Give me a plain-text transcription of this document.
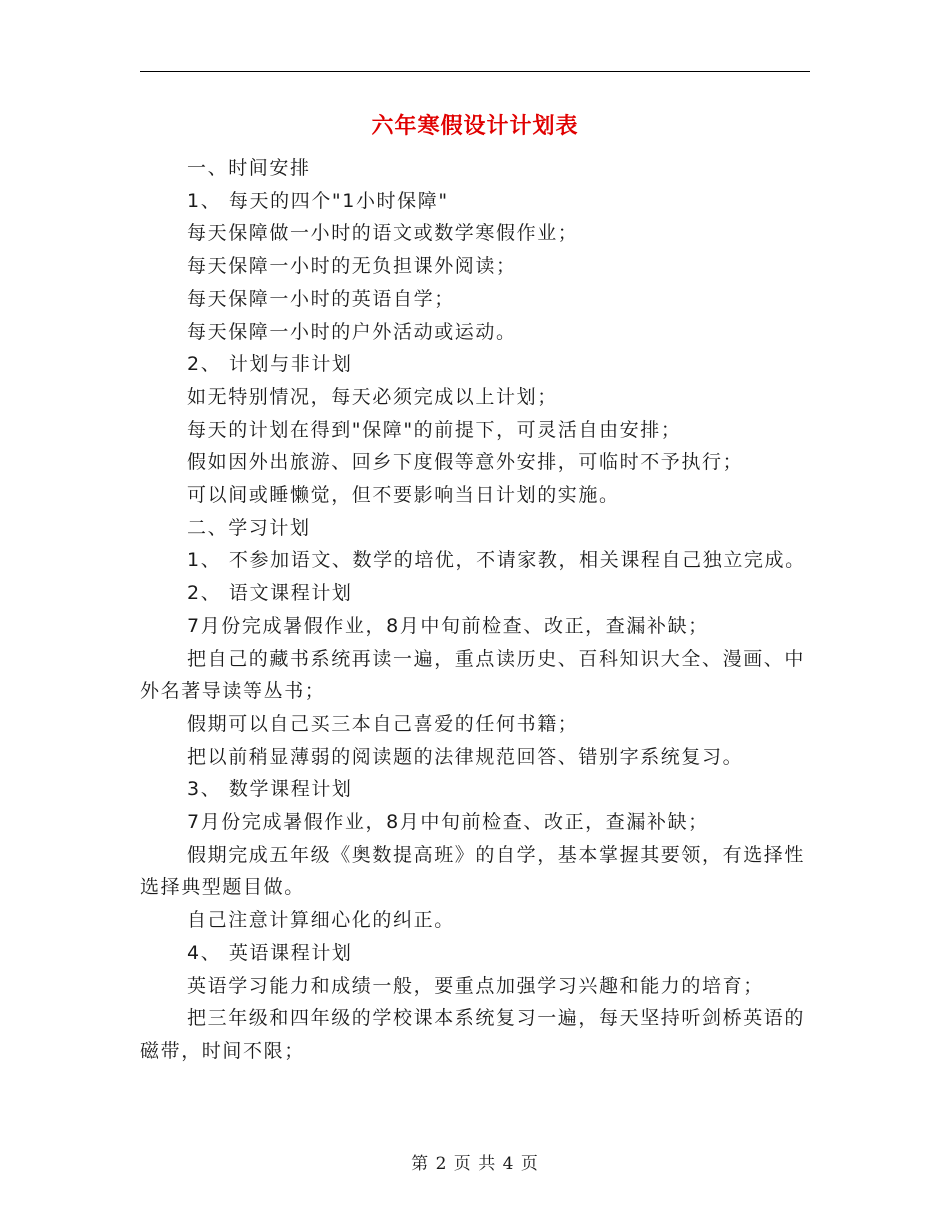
六年寒假设计计划表

一、时间安排

1、 每天的四个"1小时保障"

每天保障做一小时的语文或数学寒假作业；

每天保障一小时的无负担课外阅读；

每天保障一小时的英语自学；

每天保障一小时的户外活动或运动。

2、 计划与非计划

如无特别情况，每天必须完成以上计划；

每天的计划在得到"保障"的前提下，可灵活自由安排；

假如因外出旅游、回乡下度假等意外安排，可临时不予执行；

可以间或睡懒觉，但不要影响当日计划的实施。

二、学习计划

1、 不参加语文、数学的培优，不请家教，相关课程自己独立完成。

2、 语文课程计划

7月份完成暑假作业，8月中旬前检查、改正，查漏补缺；

把自己的藏书系统再读一遍，重点读历史、百科知识大全、漫画、中外名著导读等丛书；

假期可以自己买三本自己喜爱的任何书籍；

把以前稍显薄弱的阅读题的法律规范回答、错别字系统复习。

3、 数学课程计划

7月份完成暑假作业，8月中旬前检查、改正，查漏补缺；

假期完成五年级《奥数提高班》的自学，基本掌握其要领，有选择性选择典型题目做。

自己注意计算细心化的纠正。

4、 英语课程计划

英语学习能力和成绩一般，要重点加强学习兴趣和能力的培育；

把三年级和四年级的学校课本系统复习一遍，每天坚持听剑桥英语的磁带，时间不限；

第 2 页 共 4 页
